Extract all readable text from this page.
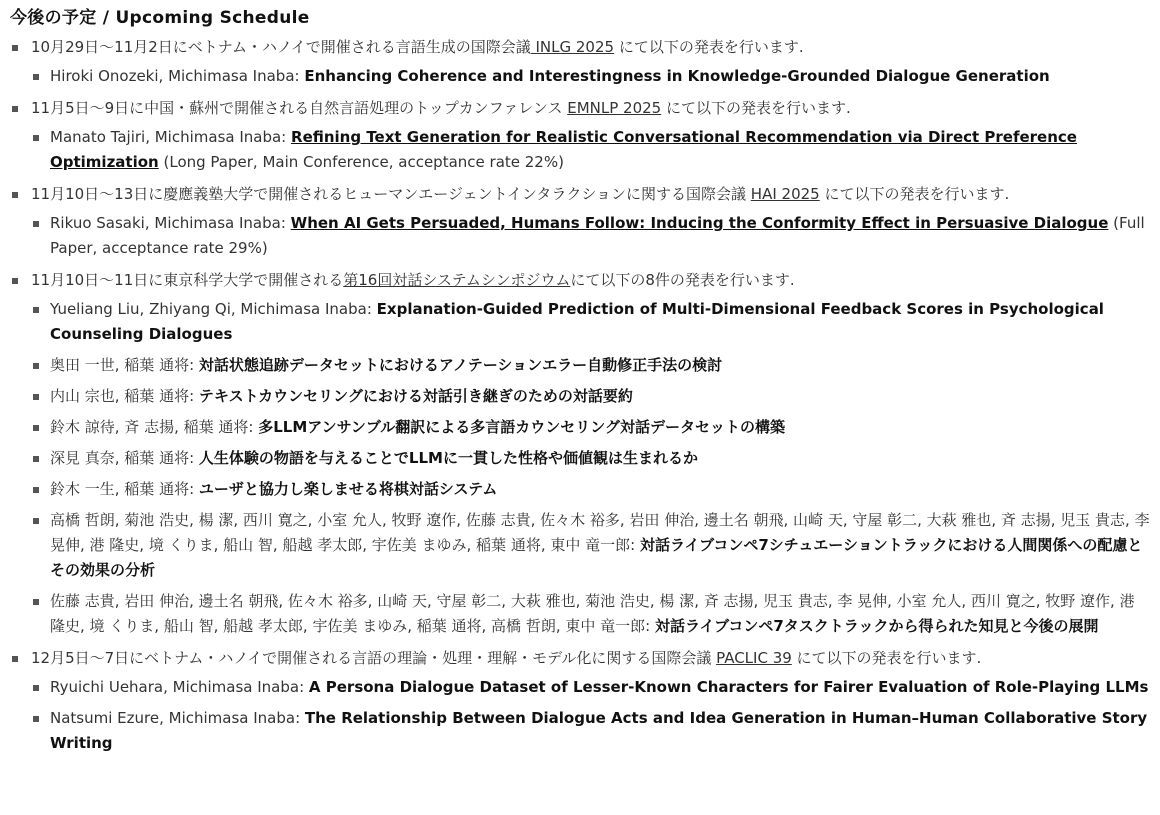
今後の予定 / Upcoming Schedule
10月29日〜11月2日にベトナム・ハノイで開催される言語生成の国際会議 INLG 2025 にて以下の発表を行います.
Hiroki Onozeki, Michimasa Inaba: Enhancing Coherence and Interestingness in Knowledge-Grounded Dialogue Generation
11月5日〜9日に中国・蘇州で開催される自然言語処理のトップカンファレンス EMNLP 2025 にて以下の発表を行います.
Manato Tajiri, Michimasa Inaba: Refining Text Generation for Realistic Conversational Recommendation via Direct Preference Optimization (Long Paper, Main Conference, acceptance rate 22%)
11月10日〜13日に慶應義塾大学で開催されるヒューマンエージェントインタラクションに関する国際会議 HAI 2025 にて以下の発表を行います.
Rikuo Sasaki, Michimasa Inaba: When AI Gets Persuaded, Humans Follow: Inducing the Conformity Effect in Persuasive Dialogue (Full Paper, acceptance rate 29%)
11月10日〜11日に東京科学大学で開催される第16回対話システムシンポジウムにて以下の8件の発表を行います.
Yueliang Liu, Zhiyang Qi, Michimasa Inaba: Explanation-Guided Prediction of Multi-Dimensional Feedback Scores in Psychological Counseling Dialogues
奥田 一世, 稲葉 通将: 対話状態追跡データセットにおけるアノテーションエラー自動修正手法の検討
内山 宗也, 稲葉 通将: テキストカウンセリングにおける対話引き継ぎのための対話要約
鈴木 諒待, 斉 志揚, 稲葉 通将: 多LLMアンサンブル翻訳による多言語カウンセリング対話データセットの構築
深見 真奈, 稲葉 通将: 人生体験の物語を与えることでLLMに一貫した性格や価値観は生まれるか
鈴木 一生, 稲葉 通将: ユーザと協力し楽しませる将棋対話システム
高橋 哲朗, 菊池 浩史, 楊 潔, 西川 寛之, 小室 允人, 牧野 遼作, 佐藤 志貴, 佐々木 裕多, 岩田 伸治, 邊土名 朝飛, 山崎 天, 守屋 彰二, 大萩 雅也, 斉 志揚, 児玉 貴志, 李 晃伸, 港 隆史, 境 くりま, 船山 智, 船越 孝太郎, 宇佐美 まゆみ, 稲葉 通将, 東中 竜一郎: 対話ライブコンペ7シチュエーショントラックにおける人間関係への配慮とその効果の分析
佐藤 志貴, 岩田 伸治, 邊土名 朝飛, 佐々木 裕多, 山崎 天, 守屋 彰二, 大萩 雅也, 菊池 浩史, 楊 潔, 斉 志揚, 児玉 貴志, 李 晃伸, 小室 允人, 西川 寛之, 牧野 遼作, 港 隆史, 境 くりま, 船山 智, 船越 孝太郎, 宇佐美 まゆみ, 稲葉 通将, 高橋 哲朗, 東中 竜一郎: 対話ライブコンペ7タスクトラックから得られた知見と今後の展開
12月5日〜7日にベトナム・ハノイで開催される言語の理論・処理・理解・モデル化に関する国際会議 PACLIC 39 にて以下の発表を行います.
Ryuichi Uehara, Michimasa Inaba: A Persona Dialogue Dataset of Lesser-Known Characters for Fairer Evaluation of Role-Playing LLMs
Natsumi Ezure, Michimasa Inaba: The Relationship Between Dialogue Acts and Idea Generation in Human–Human Collaborative Story Writing
